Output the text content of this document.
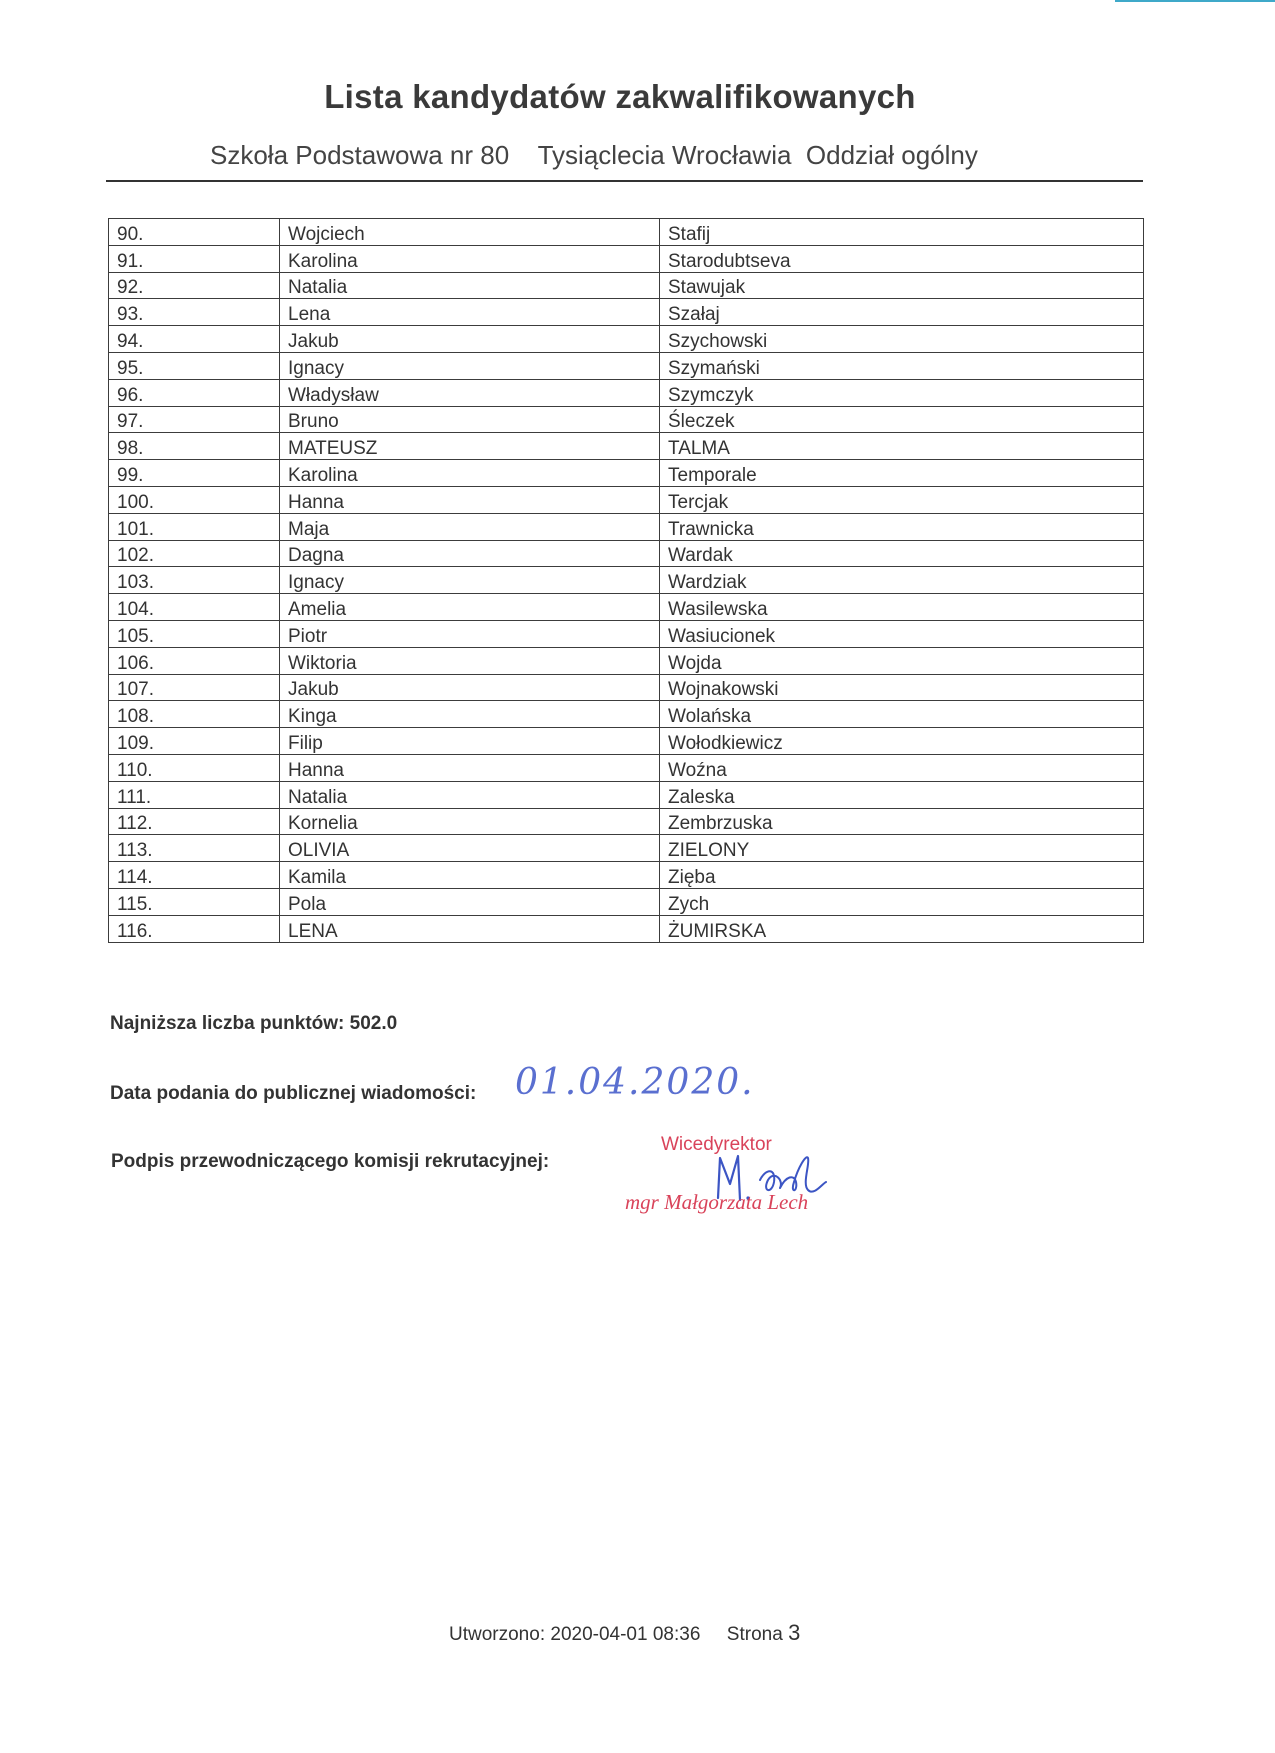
Lista kandydatów zakwalifikowanych
Szkoła Podstawowa nr 80 Tysiąclecia Wrocławia Oddział ogólny
90.	Wojciech	Stafij
91.	Karolina	Starodubtseva
92.	Natalia	Stawujak
93.	Lena	Szałaj
94.	Jakub	Szychowski
95.	Ignacy	Szymański
96.	Władysław	Szymczyk
97.	Bruno	Śleczek
98.	MATEUSZ	TALMA
99.	Karolina	Temporale
100.	Hanna	Tercjak
101.	Maja	Trawnicka
102.	Dagna	Wardak
103.	Ignacy	Wardziak
104.	Amelia	Wasilewska
105.	Piotr	Wasiucionek
106.	Wiktoria	Wojda
107.	Jakub	Wojnakowski
108.	Kinga	Wolańska
109.	Filip	Wołodkiewicz
110.	Hanna	Woźna
111.	Natalia	Zaleska
112.	Kornelia	Zembrzuska
113.	OLIVIA	ZIELONY
114.	Kamila	Zięba
115.	Pola	Zych
116.	LENA	ŻUMIRSKA
Najniższa liczba punktów: 502.0
Data podania do publicznej wiadomości: 01.04.2020.
Podpis przewodniczącego komisji rekrutacyjnej:
Wicedyrektor
mgr Małgorzata Lech
Utworzono: 2020-04-01 08:36 Strona 3
